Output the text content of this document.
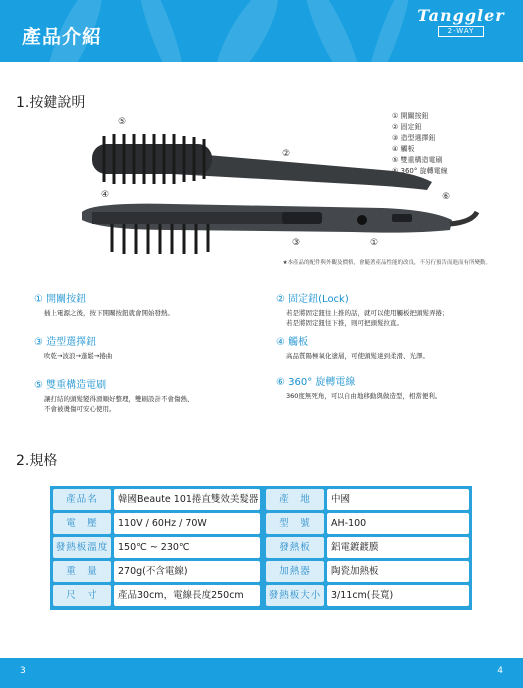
產品介紹
Tanggler
2-WAY
1.按鍵說明
⑤
②
④	⑥
③	①
① 開關按鈕
② 固定鈕
③ 造型選擇鈕
④ 觸板
⑤ 雙重構造電刷
⑥ 360° 旋轉電線
★本產品的配件與外觀及價格，會隨著產品性能的改良，不另行預告而進而有所變動。
① 開關按鈕
插上電源之後，按下開關按鈕就會開始發熱。
② 固定鈕(Lock)
若是將固定鈕往上推的話，就可以使用觸板把頭髮弄捲；
若是將固定鈕往下推，則可把頭髮拉直。
③ 造型選擇鈕
吹乾→波浪→蓬鬆→捲曲
④ 觸板
高品質陽極氧化塗層，可使頭髮達到柔滑、光澤。
⑤ 雙重構造電刷
讓打結的頭髮變得滑順好整理，雙刷設計不會傷熱、
不會被燙傷可安心使用。
⑥ 360° 旋轉電線
360度無死角，可以自由地移動與做造型，相當便利。
2.規格
產品名	韓國Beaute 101捲直雙效美髮器	產　地	中國
電　壓	110V / 60Hz / 70W	型　號	AH-100
發熱板溫度	150℃ ~ 230℃	發熱板	鋁電鍍鍍膜
重　量	270g(不含電線)	加熱器	陶瓷加熱板
尺　寸	產品30cm，電線長度250cm	發熱板大小	3/11cm(長寬)
3	4
